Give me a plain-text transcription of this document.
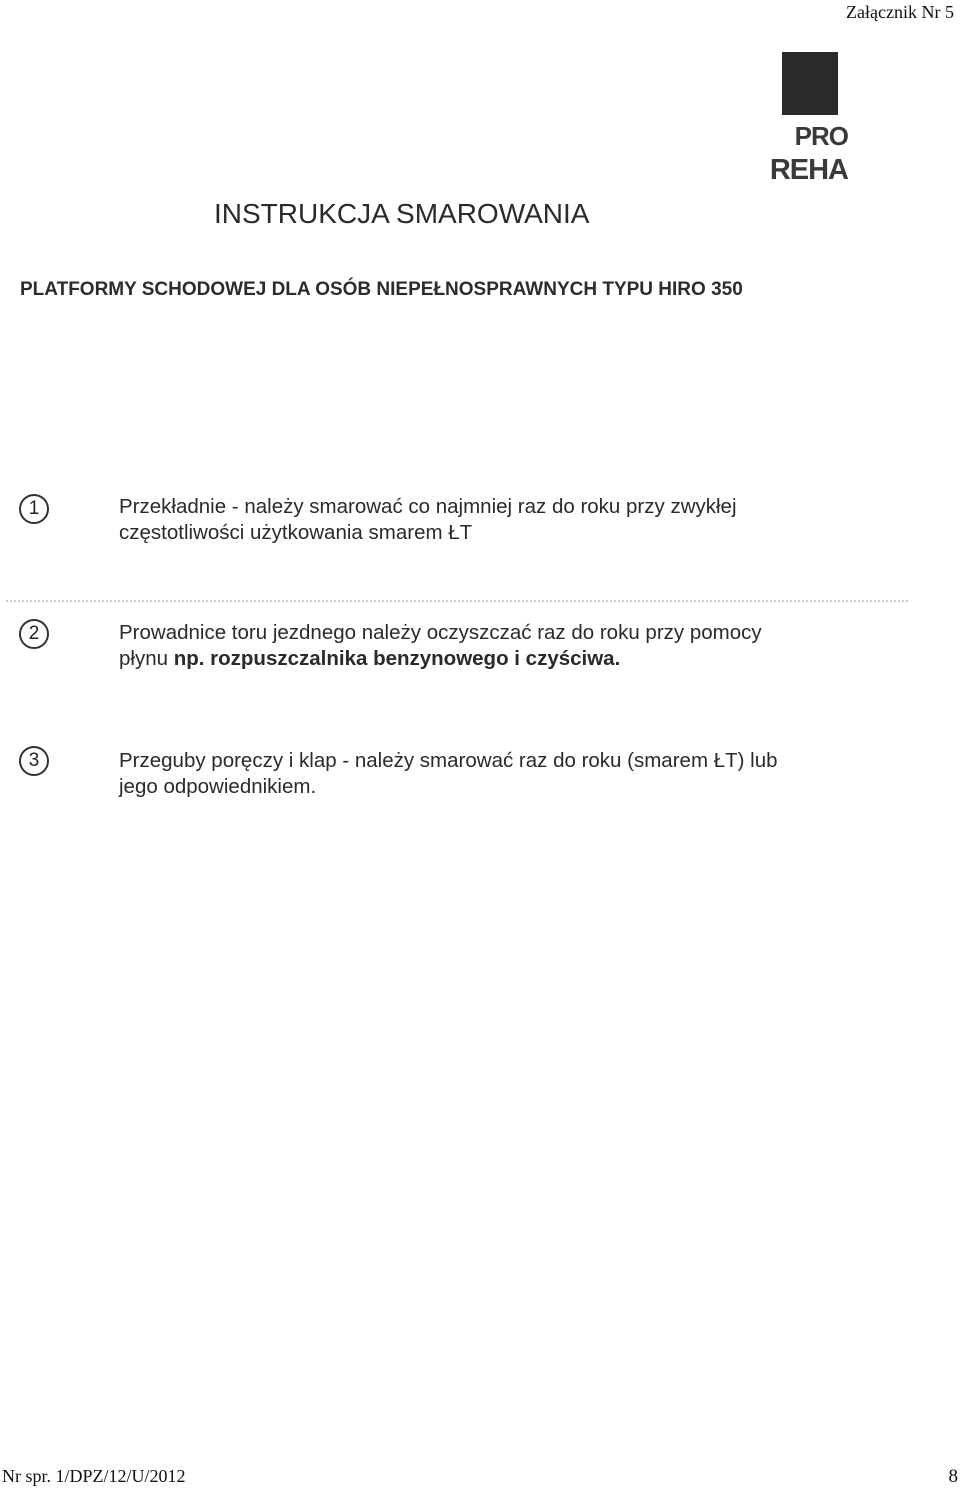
Załącznik Nr 5
PRO
REHA
INSTRUKCJA SMAROWANIA
PLATFORMY SCHODOWEJ DLA OSÓB NIEPEŁNOSPRAWNYCH TYPU HIRO 350
1	Przekładnie - należy smarować co najmniej raz do roku przy zwykłej
częstotliwości użytkowania smarem ŁT
2	Prowadnice toru jezdnego należy oczyszczać raz do roku przy pomocy
płynu np. rozpuszczalnika benzynowego i czyściwa.
3	Przeguby poręczy i klap - należy smarować raz do roku (smarem ŁT) lub
jego odpowiednikiem.
Nr spr. 1/DPZ/12/U/2012	8
